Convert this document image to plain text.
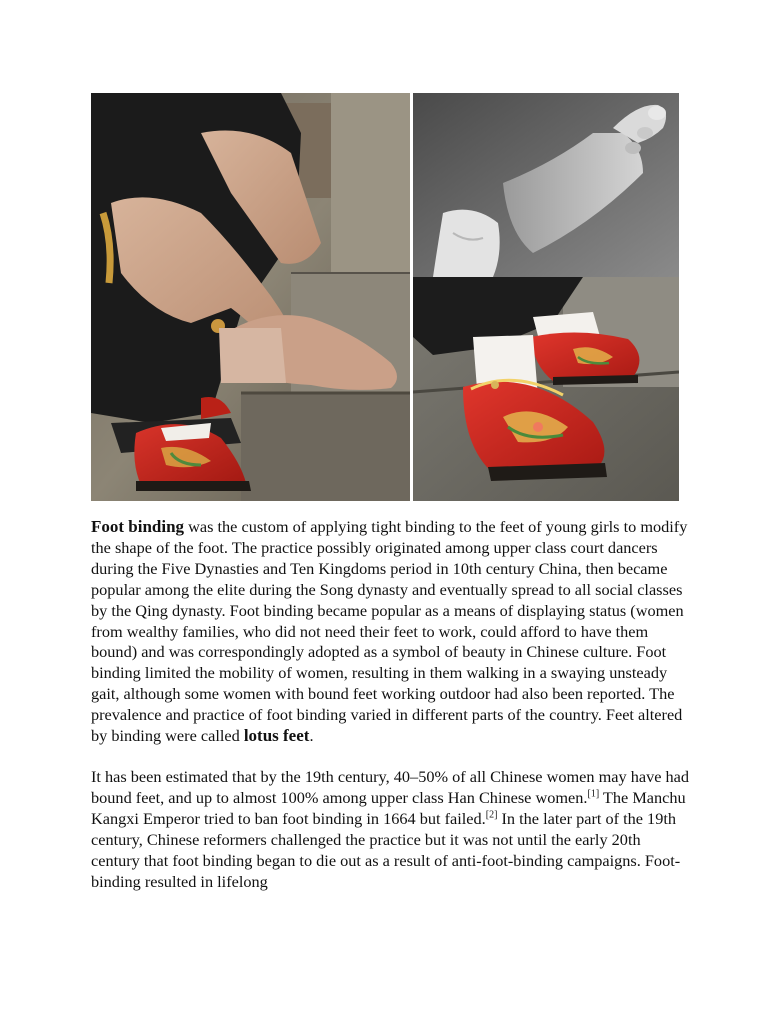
Foot binding was the custom of applying tight binding to the feet of young girls to modify the shape of the foot. The practice possibly originated among upper class court dancers during the Five Dynasties and Ten Kingdoms period in 10th century China, then became popular among the elite during the Song dynasty and eventually spread to all social classes by the Qing dynasty. Foot binding became popular as a means of displaying status (women from wealthy families, who did not need their feet to work, could afford to have them bound) and was correspondingly adopted as a symbol of beauty in Chinese culture. Foot binding limited the mobility of women, resulting in them walking in a swaying unsteady gait, although some women with bound feet working outdoor had also been reported. The prevalence and practice of foot binding varied in different parts of the country. Feet altered by binding were called lotus feet.

It has been estimated that by the 19th century, 40–50% of all Chinese women may have had bound feet, and up to almost 100% among upper class Han Chinese women.[1] The Manchu Kangxi Emperor tried to ban foot binding in 1664 but failed.[2] In the later part of the 19th century, Chinese reformers challenged the practice but it was not until the early 20th century that foot binding began to die out as a result of anti-foot-binding campaigns. Foot-binding resulted in lifelong
